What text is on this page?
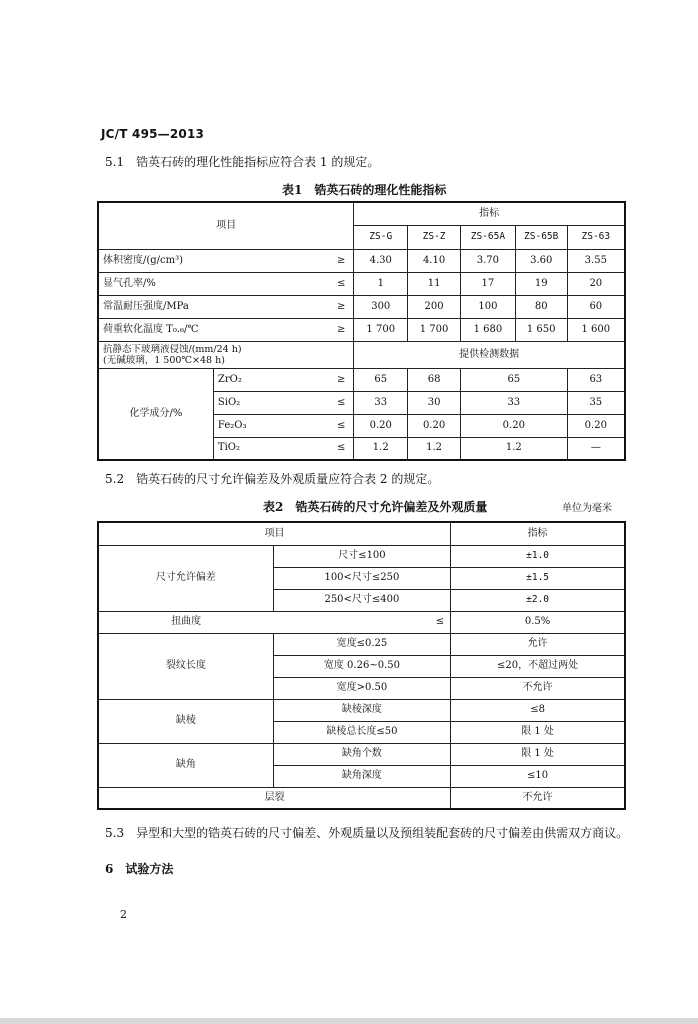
JC/T 495—2013
5.1　锆英石砖的理化性能指标应符合表 1 的规定。
表1　锆英石砖的理化性能指标
项目			指标				
			ZS-G	ZS-Z	ZS-65A	ZS-65B	ZS-63
体积密度/(g/cm³)		≥	4.30	4.10	3.70	3.60	3.55
显气孔率/%		≤	1	11	17	19	20
常温耐压强度/MPa		≥	300	200	100	80	60
荷重软化温度 T₀.₆/℃		≥	1 700	1 700	1 680	1 650	1 600

抗静态下玻璃液侵蚀/(mm/24 h)
(无碱玻璃，1 500℃×48 h)			提供检测数据				
化学成分/%	ZrO₂	≥	65	68	65		63
	SiO₂	≤	33	30	33		35
	Fe₂O₃	≤	0.20	0.20	0.20		0.20
	TiO₂	≤	1.2	1.2	1.2		—
5.2　锆英石砖的尺寸允许偏差及外观质量应符合表 2 的规定。
表2　锆英石砖的尺寸允许偏差及外观质量	单位为毫米
项目		指标
尺寸允许偏差	尺寸≤100	±1.0
	100<尺寸≤250	±1.5
	250<尺寸≤400	±2.0
扭曲度	≤	0.5%
裂纹长度	宽度≤0.25	允许
	宽度 0.26~0.50	≤20，不超过两处
	宽度>0.50	不允许
缺棱	缺棱深度	≤8
	缺棱总长度≤50	限 1 处
缺角	缺角个数	限 1 处
	缺角深度	≤10
层裂		不允许
5.3　异型和大型的锆英石砖的尺寸偏差、外观质量以及预组装配套砖的尺寸偏差由供需双方商议。
6　试验方法
2
